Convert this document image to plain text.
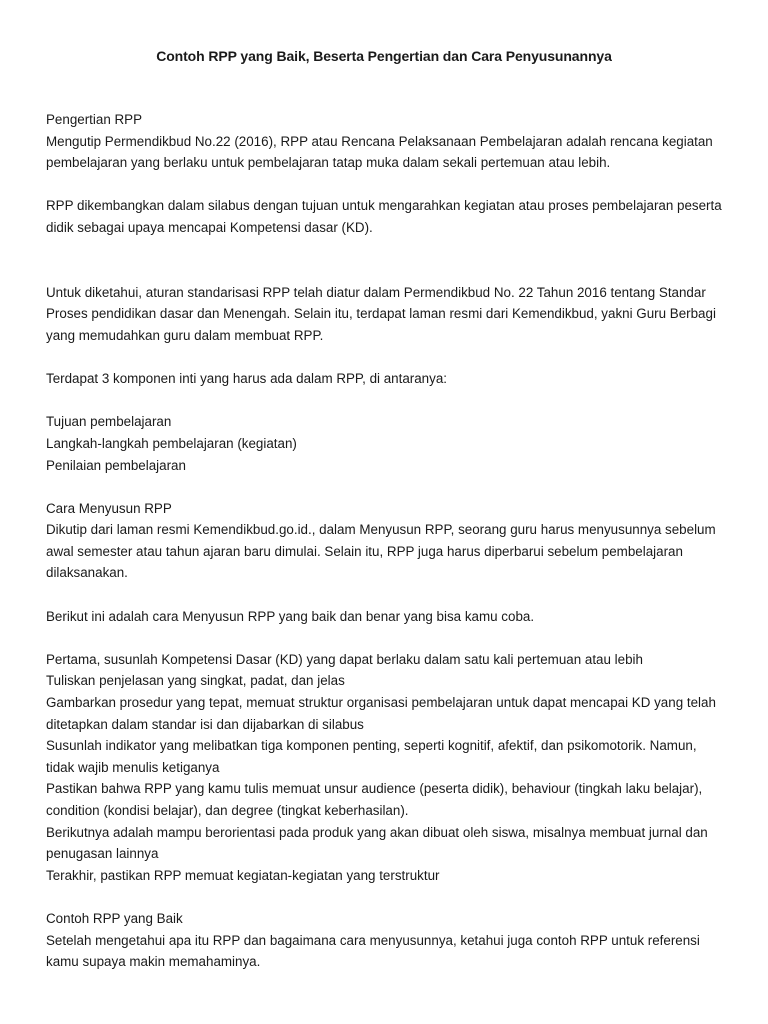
Contoh RPP yang Baik, Beserta Pengertian dan Cara Penyusunannya

Pengertian RPP

Mengutip Permendikbud No.22 (2016), RPP atau Rencana Pelaksanaan Pembelajaran adalah rencana kegiatan pembelajaran yang berlaku untuk pembelajaran tatap muka dalam sekali pertemuan atau lebih.

RPP dikembangkan dalam silabus dengan tujuan untuk mengarahkan kegiatan atau proses pembelajaran peserta didik sebagai upaya mencapai Kompetensi dasar (KD).

Untuk diketahui, aturan standarisasi RPP telah diatur dalam Permendikbud No. 22 Tahun 2016 tentang Standar Proses pendidikan dasar dan Menengah. Selain itu, terdapat laman resmi dari Kemendikbud, yakni Guru Berbagi yang memudahkan guru dalam membuat RPP.

Terdapat 3 komponen inti yang harus ada dalam RPP, di antaranya:

Tujuan pembelajaran

Langkah-langkah pembelajaran (kegiatan)

Penilaian pembelajaran

Cara Menyusun RPP

Dikutip dari laman resmi Kemendikbud.go.id., dalam Menyusun RPP, seorang guru harus menyusunnya sebelum awal semester atau tahun ajaran baru dimulai. Selain itu, RPP juga harus diperbarui sebelum pembelajaran dilaksanakan.

Berikut ini adalah cara Menyusun RPP yang baik dan benar yang bisa kamu coba.

Pertama, susunlah Kompetensi Dasar (KD) yang dapat berlaku dalam satu kali pertemuan atau lebih

Tuliskan penjelasan yang singkat, padat, dan jelas

Gambarkan prosedur yang tepat, memuat struktur organisasi pembelajaran untuk dapat mencapai KD yang telah ditetapkan dalam standar isi dan dijabarkan di silabus

Susunlah indikator yang melibatkan tiga komponen penting, seperti kognitif, afektif, dan psikomotorik. Namun, tidak wajib menulis ketiganya

Pastikan bahwa RPP yang kamu tulis memuat unsur audience (peserta didik), behaviour (tingkah laku belajar), condition (kondisi belajar), dan degree (tingkat keberhasilan).

Berikutnya adalah mampu berorientasi pada produk yang akan dibuat oleh siswa, misalnya membuat jurnal dan penugasan lainnya

Terakhir, pastikan RPP memuat kegiatan-kegiatan yang terstruktur

Contoh RPP yang Baik

Setelah mengetahui apa itu RPP dan bagaimana cara menyusunnya, ketahui juga contoh RPP untuk referensi kamu supaya makin memahaminya.
